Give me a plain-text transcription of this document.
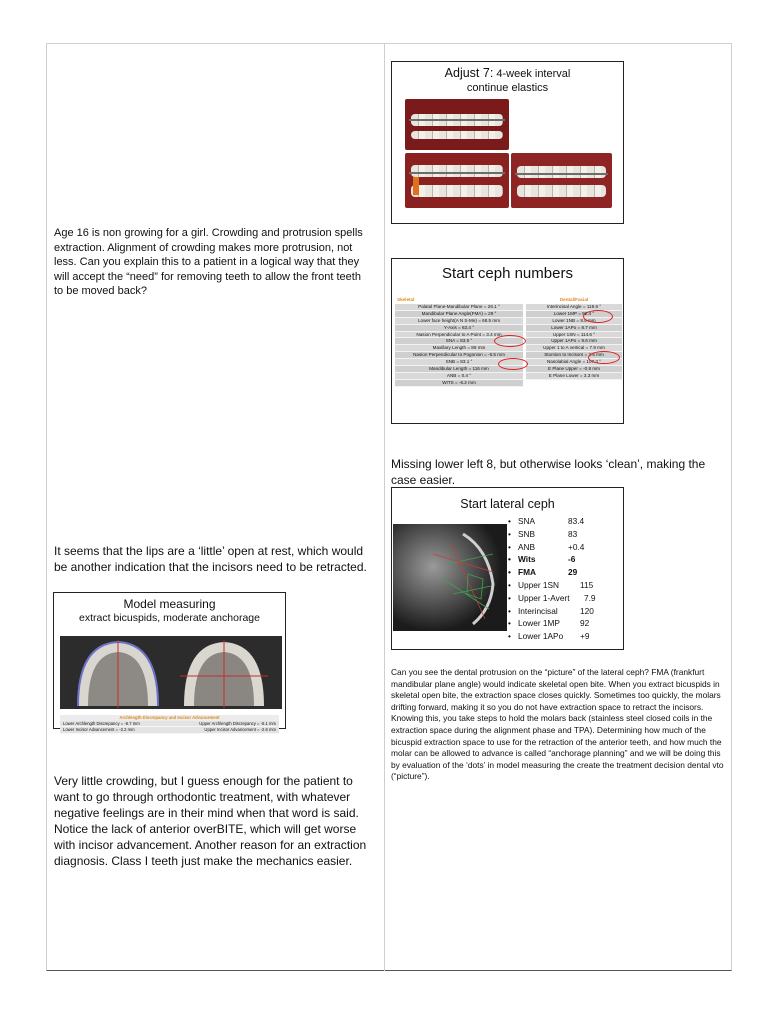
Age 16 is non growing for a girl. Crowding and protrusion spells extraction. Alignment of crowding makes more protrusion, not less. Can you explain this to a patient in a logical way that they will accept the “need” for removing teeth to allow the front teeth to be moved back?
It seems that the lips are a ‘little’ open at rest, which would be another indication that the incisors need to be retracted.
Model measuring
extract bicuspids, moderate anchorage
Archlength Discrepancy and Incisor Advancement
Lower Archlength Discrepancy = -6.7 mm	Upper Archlength Discrepancy = -5.1 mm
Lower Incisor Advancement = -2.2 mm	Upper Incisor Advancement = -2.6 mm
Very little crowding, but I guess enough for the patient to want to go through orthodontic treatment, with whatever negative feelings are in their mind when that word is said. Notice the lack of anterior overBITE, which will get worse with incisor advancement. Another reason for an extraction diagnosis. Class I teeth just make the mechanics easier.
Adjust 7: 4-week interval
continue elastics
Start ceph numbers
Skeletal
Palatal Plane-Mandibular Plane = 26.1 °
Mandibular Plane Angle(FMA) = 29 °
Lower face height(A N S-Me) = 68.5 mm
Y-Axis = 63.4 °
Nasion Perpendicular to A Point = 3.4 mm
SNA = 83.5 °
Maxillary Length = 89 mm
Nasion Perpendicular to Pogonion = -6.5 mm
SNB = 83.1 °
Mandibular Length = 116 mm
ANB = 0.4 °
WITS = -6.2 mm
Dental/Facial
Interincisal Angle = 119.6 °
Lower 1MP = 92.4 °
Lower 1NB = 8.5 mm
Lower 1APo = 8.7 mm
Upper 1SN = 114.6 °
Upper 1APo = 9.6 mm
Upper 1 to A vertical = 7.9 mm
Stomion to Incisors = 2.6 mm
Nasolabial Angle = 107.3 °
E Plane Upper = -0.8 mm
E Plane Lower = 3.3 mm
Missing lower left 8, but otherwise looks ‘clean’, making the case easier.
Start lateral ceph
• SNA	83.4
• SNB	83
• ANB	+0.4
• Wits	-6
• FMA	29
• Upper 1SN	115
• Upper 1-Avert	7.9
• Interincisal	120
• Lower 1MP	92
• Lower 1APo	+9
Can you see the dental protrusion on the “picture” of the lateral ceph? FMA (frankfurt mandibular plane angle) would indicate skeletal open bite. When you extract bicuspids in skeletal open bite, the extraction space closes quickly. Sometimes too quickly, the molars drifting forward, making it so you do not have extraction space to retract the incisors. Knowing this, you take steps to hold the molars back (stainless steel closed coils in the extraction space during the alignment phase and TPA). Determining how much of the bicuspid extraction space to use for the retraction of the anterior teeth, and how much the molar can be allowed to advance is called “anchorage planning” and we will be doing this by evaluation of the ‘dots’ in model measuring the create the treatment decision dental vto (“picture”).
